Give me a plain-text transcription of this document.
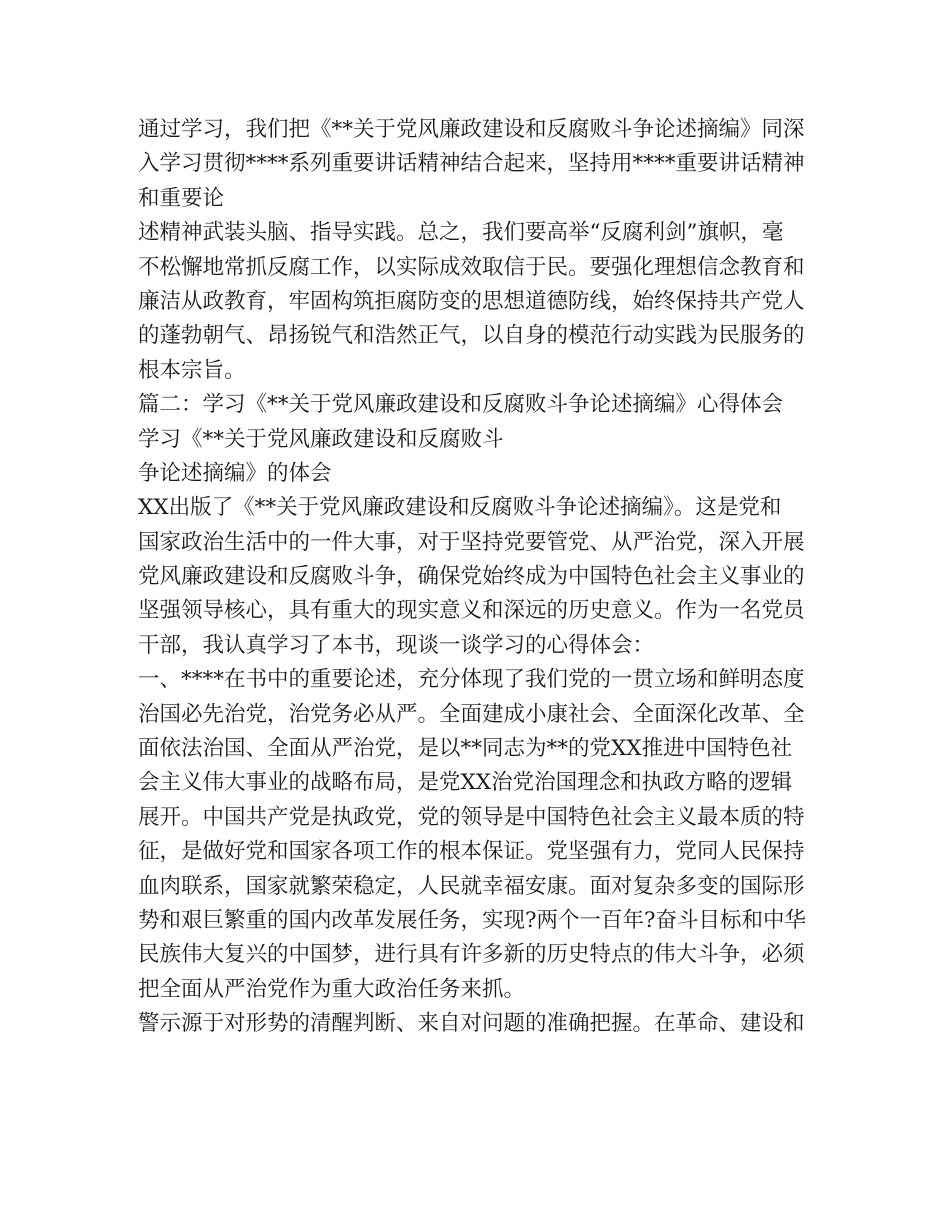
通过学习，我们把《**关于党风廉政建设和反腐败斗争论述摘编》同深
入学习贯彻****系列重要讲话精神结合起来，坚持用****重要讲话精神
和重要论
述精神武装头脑、指导实践。总之，我们要高举“反腐利剑”旗帜，毫
不松懈地常抓反腐工作，以实际成效取信于民。要强化理想信念教育和
廉洁从政教育，牢固构筑拒腐防变的思想道德防线，始终保持共产党人
的蓬勃朝气、昂扬锐气和浩然正气，以自身的模范行动实践为民服务的
根本宗旨。
篇二：学习《**关于党风廉政建设和反腐败斗争论述摘编》心得体会
学习《**关于党风廉政建设和反腐败斗
争论述摘编》的体会
XX出版了《**关于党风廉政建设和反腐败斗争论述摘编》。这是党和
国家政治生活中的一件大事，对于坚持党要管党、从严治党，深入开展
党风廉政建设和反腐败斗争，确保党始终成为中国特色社会主义事业的
坚强领导核心，具有重大的现实意义和深远的历史意义。作为一名党员
干部，我认真学习了本书，现谈一谈学习的心得体会：
一、****在书中的重要论述，充分体现了我们党的一贯立场和鲜明态度
治国必先治党，治党务必从严。全面建成小康社会、全面深化改革、全
面依法治国、全面从严治党，是以**同志为**的党XX推进中国特色社
会主义伟大事业的战略布局，是党XX治党治国理念和执政方略的逻辑
展开。中国共产党是执政党，党的领导是中国特色社会主义最本质的特
征，是做好党和国家各项工作的根本保证。党坚强有力，党同人民保持
血肉联系，国家就繁荣稳定，人民就幸福安康。面对复杂多变的国际形
势和艰巨繁重的国内改革发展任务，实现?两个一百年?奋斗目标和中华
民族伟大复兴的中国梦，进行具有许多新的历史特点的伟大斗争，必须
把全面从严治党作为重大政治任务来抓。
警示源于对形势的清醒判断、来自对问题的准确把握。在革命、建设和
